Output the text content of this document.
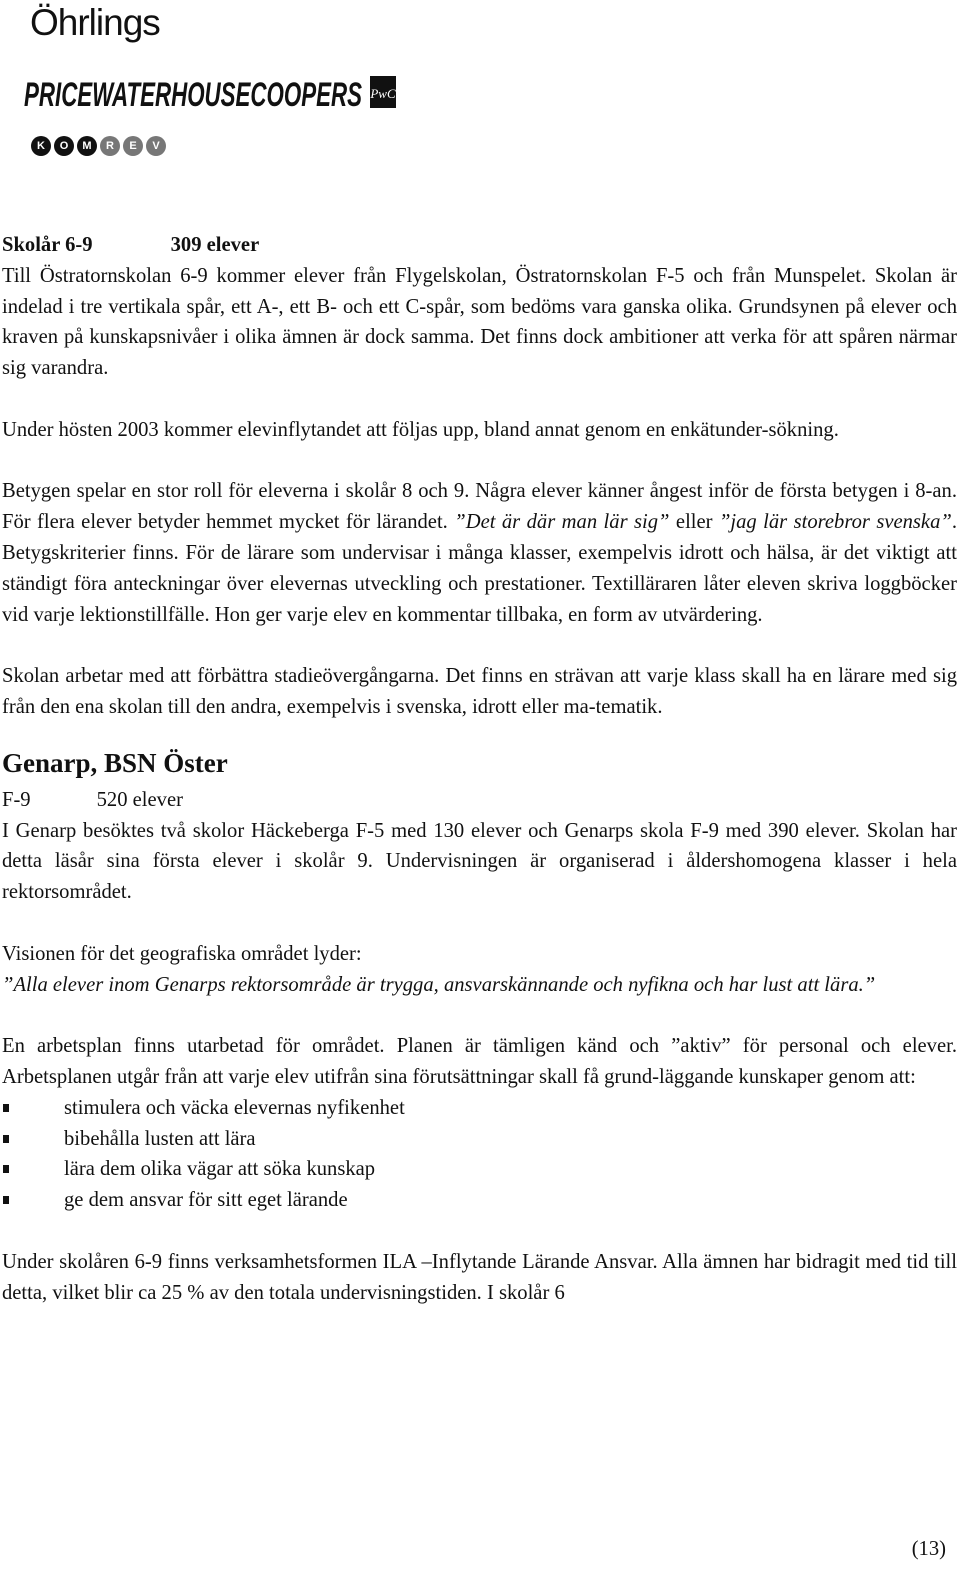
Öhrlings
PRICEWATERHOUSECOOPERS PwC
K	O	M	R	E	V

Skolår 6-9	309 elever

Till Östratornskolan 6-9 kommer elever från Flygelskolan, Östratornskolan F-5 och från Munspelet. Skolan är indelad i tre vertikala spår, ett A-, ett B- och ett C-spår, som bedöms vara ganska olika. Grundsynen på elever och kraven på kunskapsnivåer i olika ämnen är dock samma. Det finns dock ambitioner att verka för att spåren närmar sig varandra.

Under hösten 2003 kommer elevinflytandet att följas upp, bland annat genom en enkätunder-sökning.

Betygen spelar en stor roll för eleverna i skolår 8 och 9. Några elever känner ångest inför de första betygen i 8-an. För flera elever betyder hemmet mycket för lärandet. ”Det är där man lär sig” eller ”jag lär storebror svenska”. Betygskriterier finns. För de lärare som undervisar i många klasser, exempelvis idrott och hälsa, är det viktigt att ständigt föra anteckningar över elevernas utveckling och prestationer. Textilläraren låter eleven skriva loggböcker vid varje lektionstillfälle. Hon ger varje elev en kommentar tillbaka, en form av utvärdering.

Skolan arbetar med att förbättra stadieövergångarna. Det finns en strävan att varje klass skall ha en lärare med sig från den ena skolan till den andra, exempelvis i svenska, idrott eller ma-tematik.

Genarp, BSN Öster

F-9	520 elever

I Genarp besöktes två skolor Häckeberga F-5 med 130 elever och Genarps skola F-9 med 390 elever. Skolan har detta läsår sina första elever i skolår 9. Undervisningen är organiserad i åldershomogena klasser i hela rektorsområdet.

Visionen för det geografiska området lyder:

”Alla elever inom Genarps rektorsområde är trygga, ansvarskännande och nyfikna och har lust att lära.”

En arbetsplan finns utarbetad för området. Planen är tämligen känd och ”aktiv” för personal och elever. Arbetsplanen utgår från att varje elev utifrån sina förutsättningar skall få grund-läggande kunskaper genom att:

stimulera och väcka elevernas nyfikenhet
bibehålla lusten att lära
lära dem olika vägar att söka kunskap
ge dem ansvar för sitt eget lärande

Under skolåren 6-9 finns verksamhetsformen ILA –Inflytande Lärande Ansvar. Alla ämnen har bidragit med tid till detta, vilket blir ca 25 % av den totala undervisningstiden. I skolår 6

(13)
